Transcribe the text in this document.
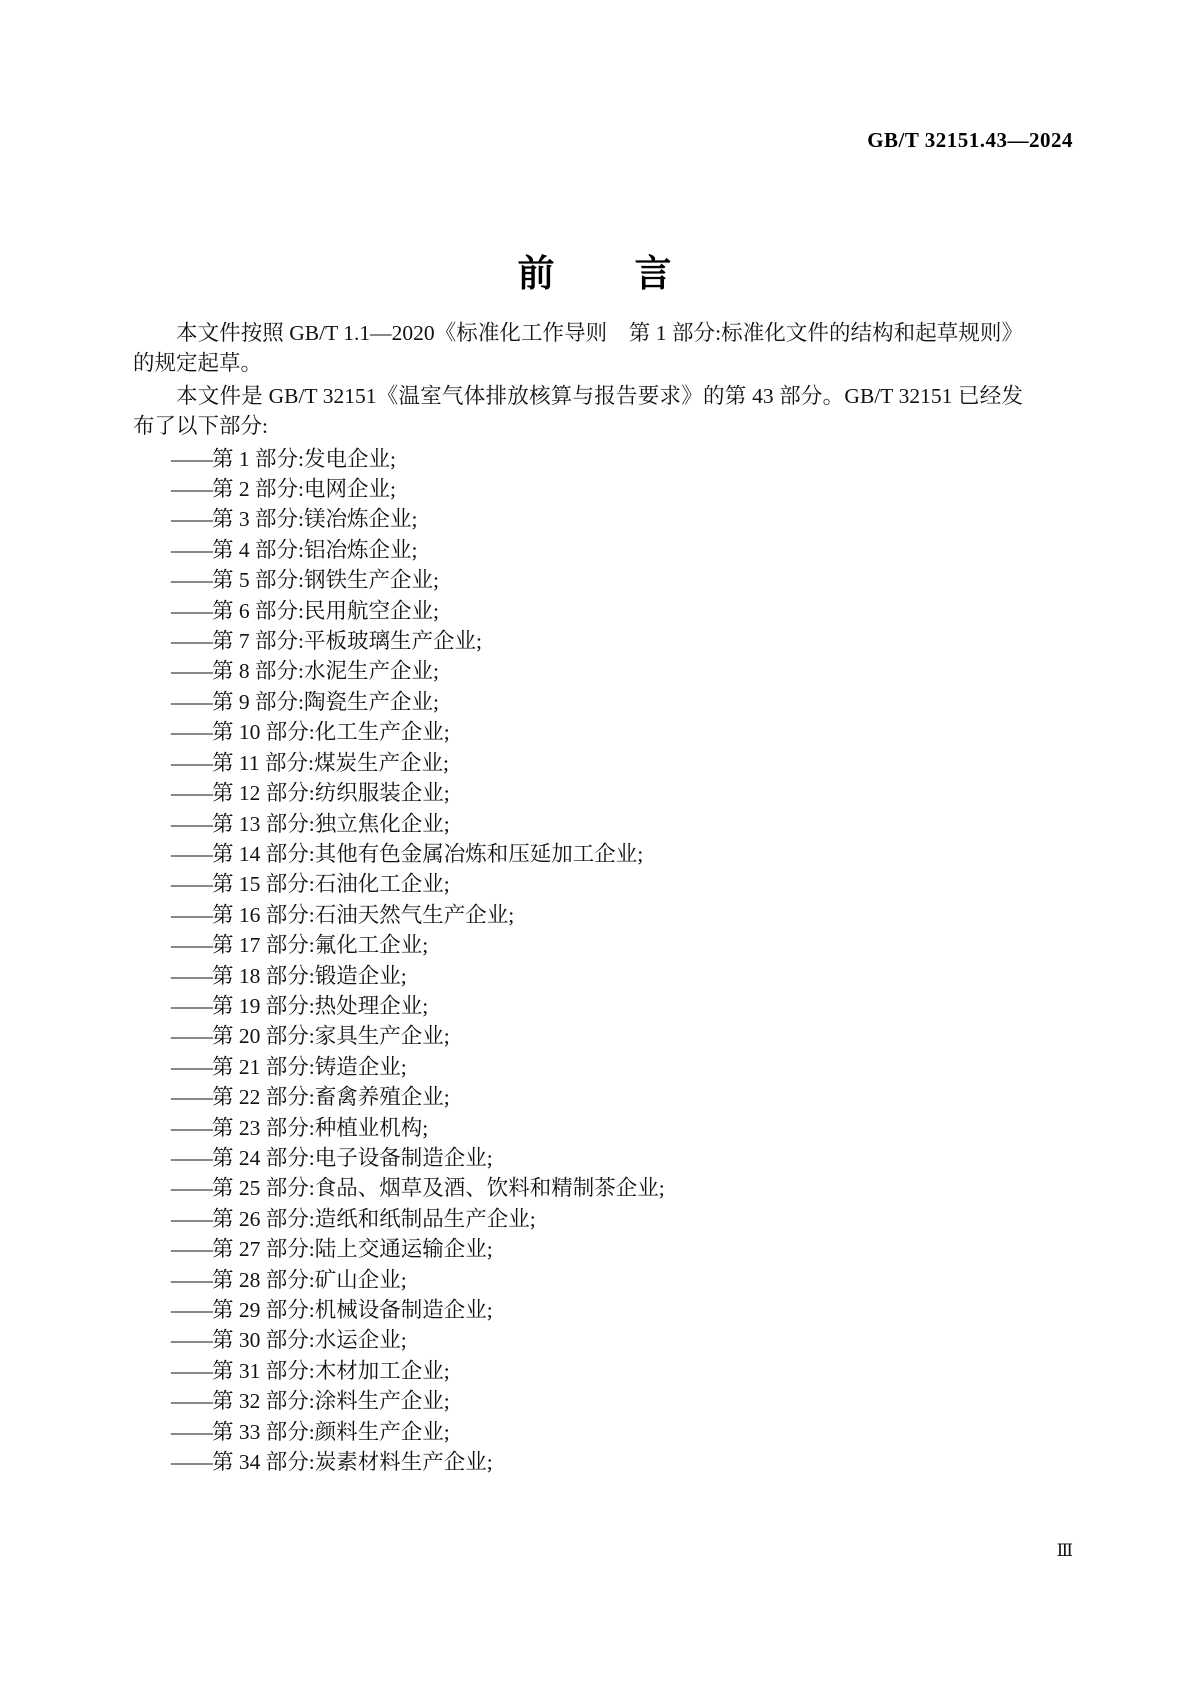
GB/T 32151.43—2024
前　　言

本文件按照 GB/T 1.1—2020《标准化工作导则　第 1 部分:标准化文件的结构和起草规则》的规定起草。

本文件是 GB/T 32151《温室气体排放核算与报告要求》的第 43 部分。GB/T 32151 已经发布了以下部分:

——第 1 部分:发电企业;
——第 2 部分:电网企业;
——第 3 部分:镁冶炼企业;
——第 4 部分:铝冶炼企业;
——第 5 部分:钢铁生产企业;
——第 6 部分:民用航空企业;
——第 7 部分:平板玻璃生产企业;
——第 8 部分:水泥生产企业;
——第 9 部分:陶瓷生产企业;
——第 10 部分:化工生产企业;
——第 11 部分:煤炭生产企业;
——第 12 部分:纺织服装企业;
——第 13 部分:独立焦化企业;
——第 14 部分:其他有色金属冶炼和压延加工企业;
——第 15 部分:石油化工企业;
——第 16 部分:石油天然气生产企业;
——第 17 部分:氟化工企业;
——第 18 部分:锻造企业;
——第 19 部分:热处理企业;
——第 20 部分:家具生产企业;
——第 21 部分:铸造企业;
——第 22 部分:畜禽养殖企业;
——第 23 部分:种植业机构;
——第 24 部分:电子设备制造企业;
——第 25 部分:食品、烟草及酒、饮料和精制茶企业;
——第 26 部分:造纸和纸制品生产企业;
——第 27 部分:陆上交通运输企业;
——第 28 部分:矿山企业;
——第 29 部分:机械设备制造企业;
——第 30 部分:水运企业;
——第 31 部分:木材加工企业;
——第 32 部分:涂料生产企业;
——第 33 部分:颜料生产企业;
——第 34 部分:炭素材料生产企业;
Ⅲ
